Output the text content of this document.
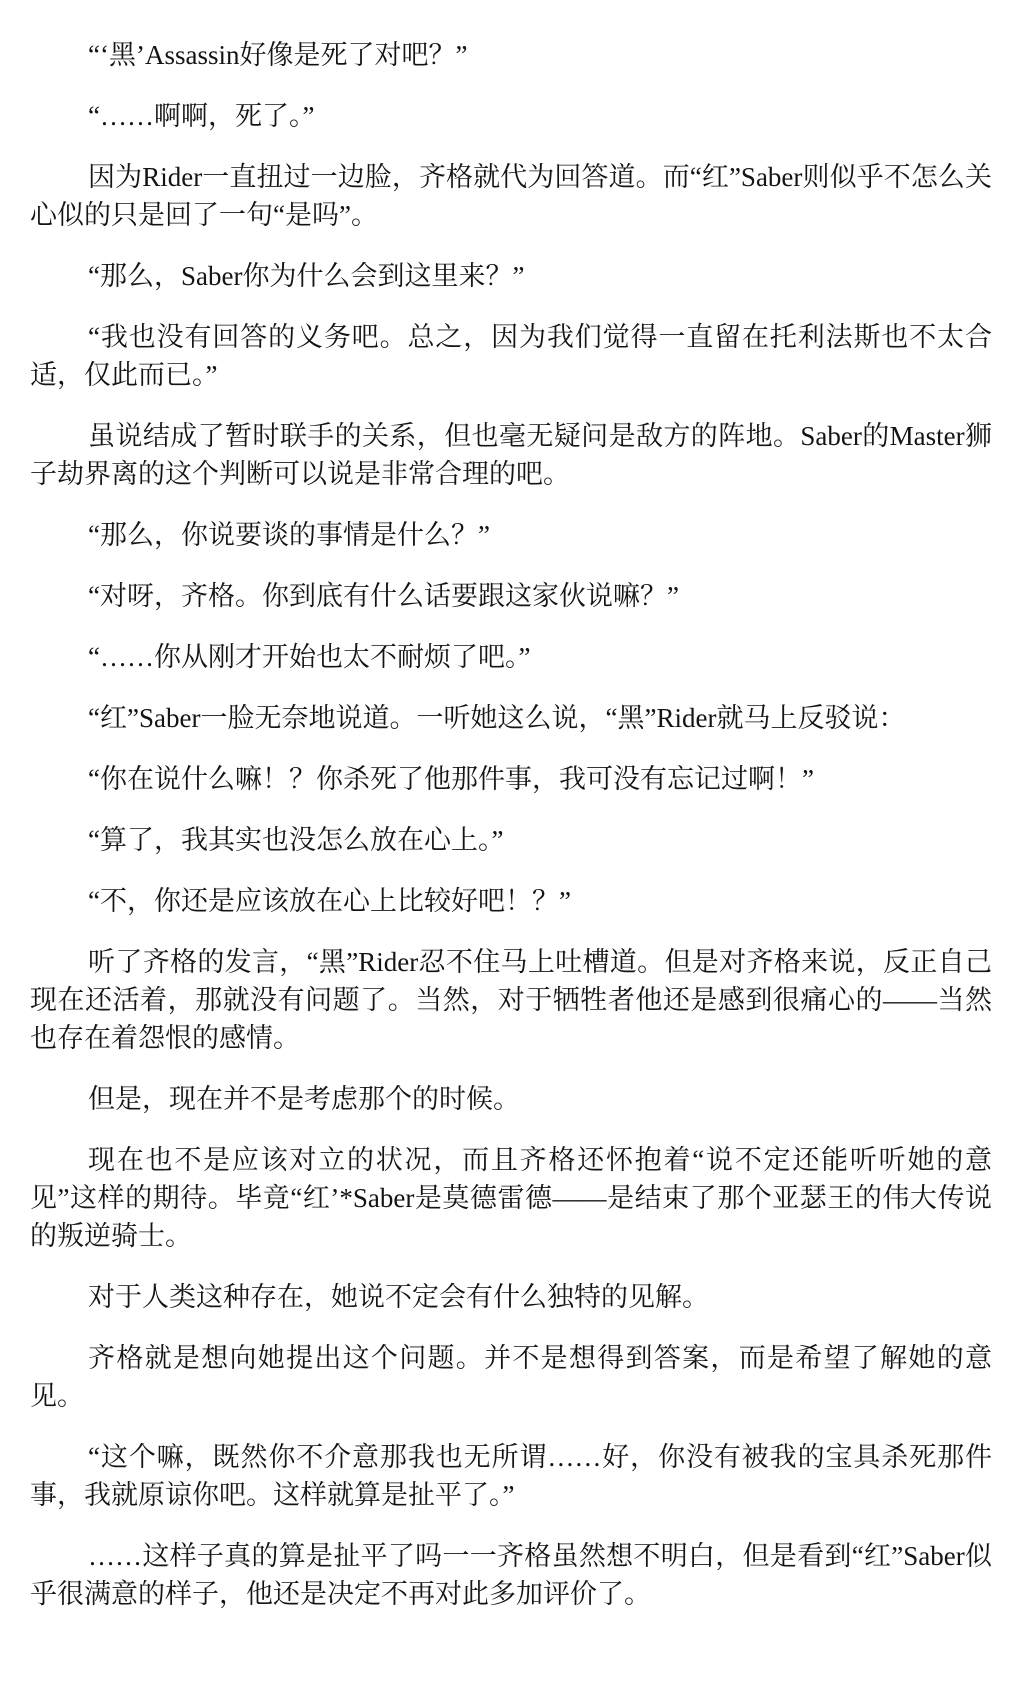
“‘黑’Assassin好像是死了对吧？”

“……啊啊，死了。”

因为Rider一直扭过一边脸，齐格就代为回答道。而“红”Saber则似乎不怎么关心似的只是回了一句“是吗”。

“那么，Saber你为什么会到这里来？”

“我也没有回答的义务吧。总之，因为我们觉得一直留在托利法斯也不太合适，仅此而已。”

虽说结成了暂时联手的关系，但也毫无疑问是敌方的阵地。Saber的Master狮子劫界离的这个判断可以说是非常合理的吧。

“那么，你说要谈的事情是什么？”

“对呀，齐格。你到底有什么话要跟这家伙说嘛？”

“……你从刚才开始也太不耐烦了吧。”

“红”Saber一脸无奈地说道。一听她这么说，“黑”Rider就马上反驳说：

“你在说什么嘛！？你杀死了他那件事，我可没有忘记过啊！”

“算了，我其实也没怎么放在心上。”

“不，你还是应该放在心上比较好吧！？”

听了齐格的发言，“黑”Rider忍不住马上吐槽道。但是对齐格来说，反正自己现在还活着，那就没有问题了。当然，对于牺牲者他还是感到很痛心的——当然也存在着怨恨的感情。

但是，现在并不是考虑那个的时候。

现在也不是应该对立的状况，而且齐格还怀抱着“说不定还能听听她的意见”这样的期待。毕竟“红’*Saber是莫德雷德——是结束了那个亚瑟王的伟大传说的叛逆骑士。

对于人类这种存在，她说不定会有什么独特的见解。

齐格就是想向她提出这个问题。并不是想得到答案，而是希望了解她的意见。

“这个嘛，既然你不介意那我也无所谓……好，你没有被我的宝具杀死那件事，我就原谅你吧。这样就算是扯平了。”

……这样子真的算是扯平了吗一一齐格虽然想不明白，但是看到“红”Saber似乎很满意的样子，他还是决定不再对此多加评价了。
